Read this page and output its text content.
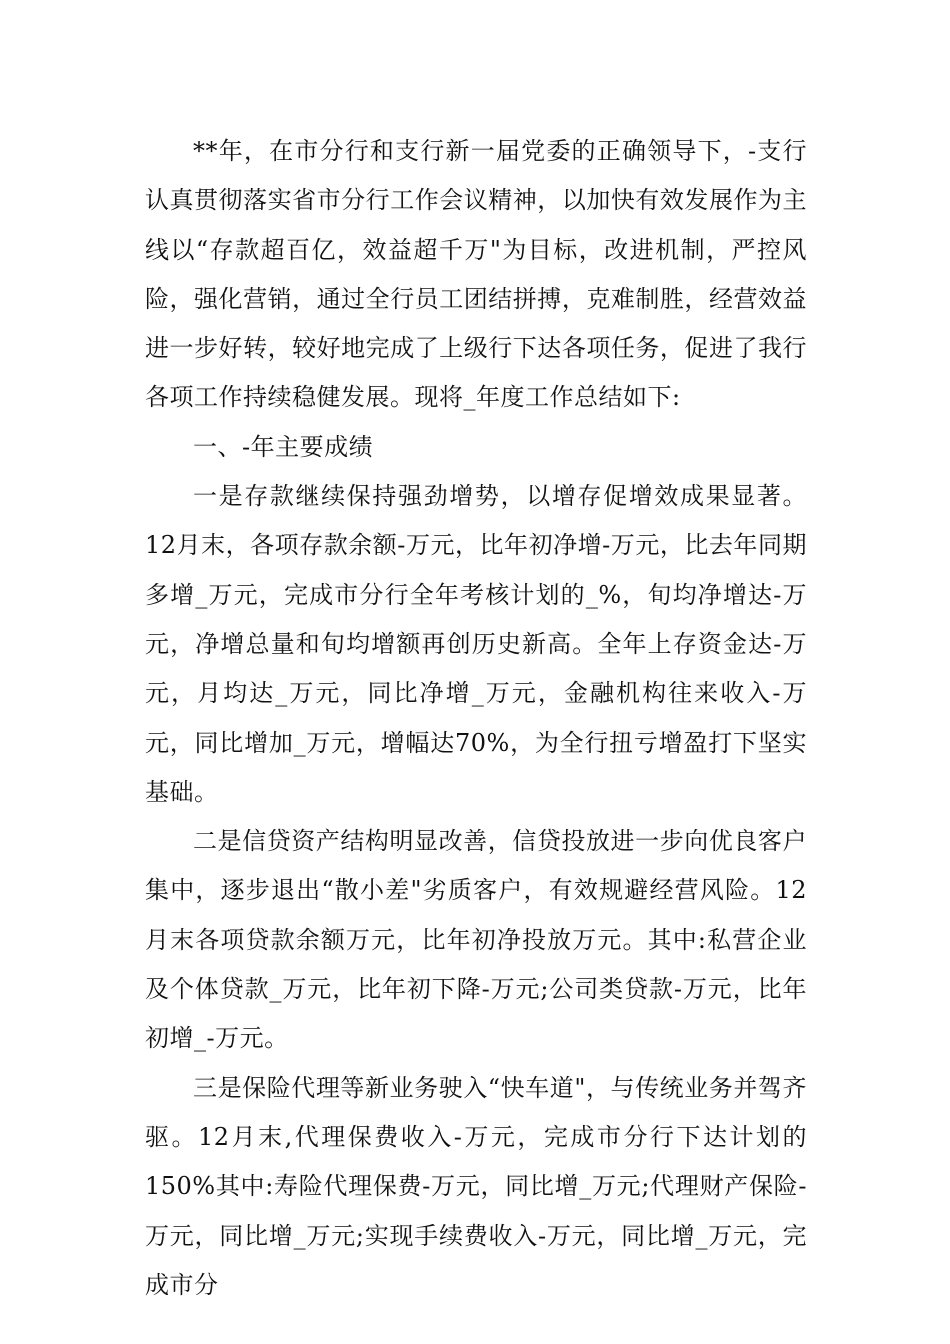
**年，在市分行和支行新一届党委的正确领导下，-支行认真贯彻落实省市分行工作会议精神，以加快有效发展作为主线以“存款超百亿，效益超千万"为目标，改进机制，严控风险，强化营销，通过全行员工团结拼搏，克难制胜，经营效益进一步好转，较好地完成了上级行下达各项任务，促进了我行各项工作持续稳健发展。现将_年度工作总结如下:

一、-年主要成绩

一是存款继续保持强劲增势，以增存促增效成果显著。12月末，各项存款余额-万元，比年初净增-万元，比去年同期多增_万元，完成市分行全年考核计划的_%，旬均净增达-万元，净增总量和旬均增额再创历史新高。全年上存资金达-万元，月均达_万元，同比净增_万元，金融机构往来收入-万元，同比增加_万元，增幅达70%，为全行扭亏增盈打下坚实基础。

二是信贷资产结构明显改善，信贷投放进一步向优良客户集中，逐步退出“散小差"劣质客户，有效规避经营风险。12月末各项贷款余额万元，比年初净投放万元。其中:私营企业及个体贷款_万元，比年初下降-万元;公司类贷款-万元，比年初增_-万元。

三是保险代理等新业务驶入“快车道"，与传统业务并驾齐驱。12月末,代理保费收入-万元，完成市分行下达计划的150%其中:寿险代理保费-万元，同比增_万元;代理财产保险-万元，同比增_万元;实现手续费收入-万元，同比增_万元，完成市分
